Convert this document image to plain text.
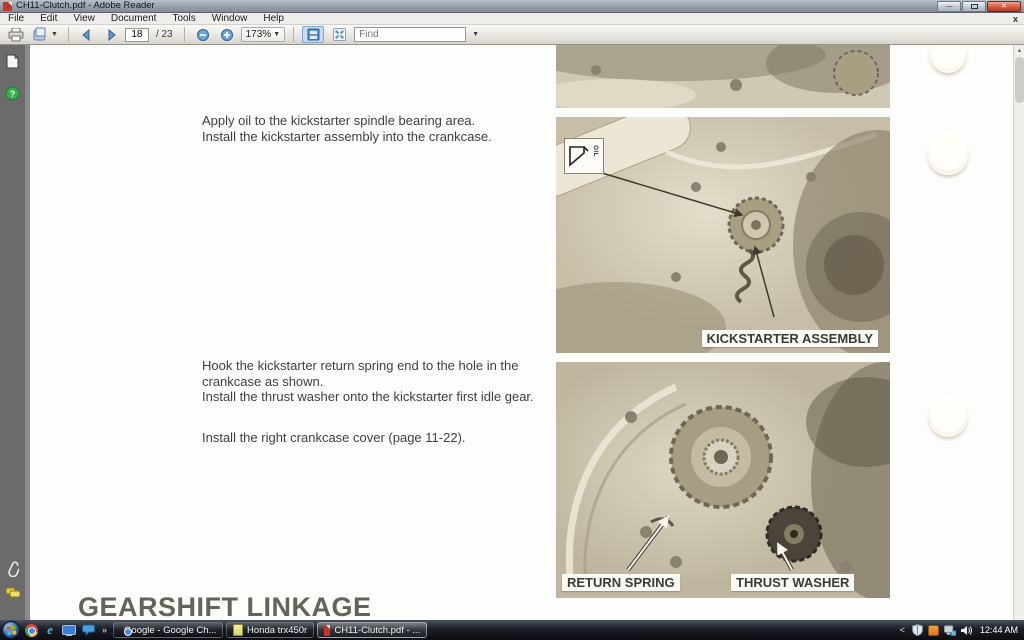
CH11-Clutch.pdf - Adobe Reader	—	✕
File	Edit	View	Document	Tools	Window	Help	x
▼
18	/ 23	173% ▼
Find	▼
?
Apply oil to the kickstarter spindle bearing area.
Install the kickstarter assembly into the crankcase.
Hook the kickstarter return spring end to the hole in the crankcase as shown.
Install the thrust washer onto the kickstarter first idle gear.
Install the right crankcase cover (page 11-22).
GEARSHIFT LINKAGE
OIL
KICKSTARTER ASSEMBLY
RETURN SPRING	THRUST WASHER
▲
e	»	Google - Google Ch...	Honda trx450r	CH11-Clutch.pdf - ...	<	12:44 AM
